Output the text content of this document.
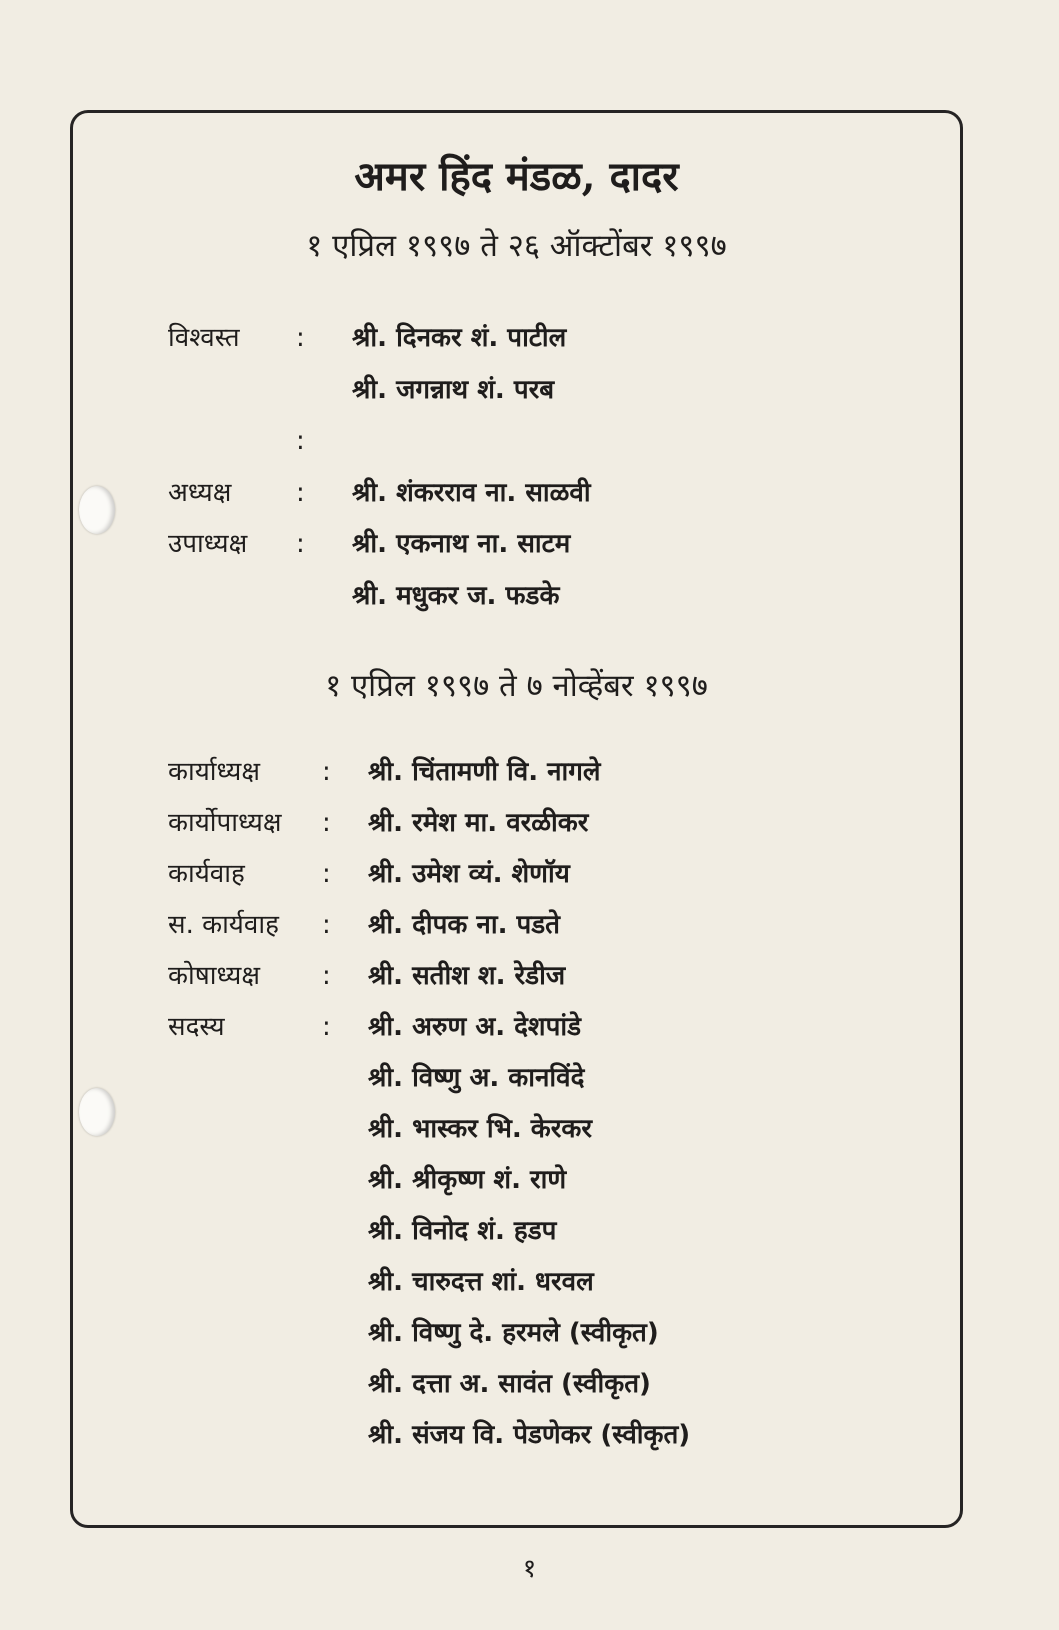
अमर हिंद मंडळ, दादर
१ एप्रिल १९९७ ते २६ ऑक्टोंबर १९९७
विश्वस्त : श्री. दिनकर शं. पाटील
श्री. जगन्नाथ शं. परब
:
अध्यक्ष : श्री. शंकरराव ना. साळवी
उपाध्यक्ष : श्री. एकनाथ ना. साटम
श्री. मधुकर ज. फडके
१ एप्रिल १९९७ ते ७ नोव्हेंबर १९९७
कार्याध्यक्ष : श्री. चिंतामणी वि. नागले
कार्योपाध्यक्ष : श्री. रमेश मा. वरळीकर
कार्यवाह	: श्री. उमेश व्यं. शेणॉय
स. कार्यवाह : श्री. दीपक ना. पडते
कोषाध्यक्ष : श्री. सतीश श. रेडीज
सदस्य	: श्री. अरुण अ. देशपांडे
श्री. विष्णु अ. कानविंदे
श्री. भास्कर भि. केरकर
श्री. श्रीकृष्ण शं. राणे
श्री. विनोद शं. हडप
श्री. चारुदत्त शां. धरवल
श्री. विष्णु दे. हरमले (स्वीकृत)
श्री. दत्ता अ. सावंत (स्वीकृत)
श्री. संजय वि. पेडणेकर (स्वीकृत)
१
